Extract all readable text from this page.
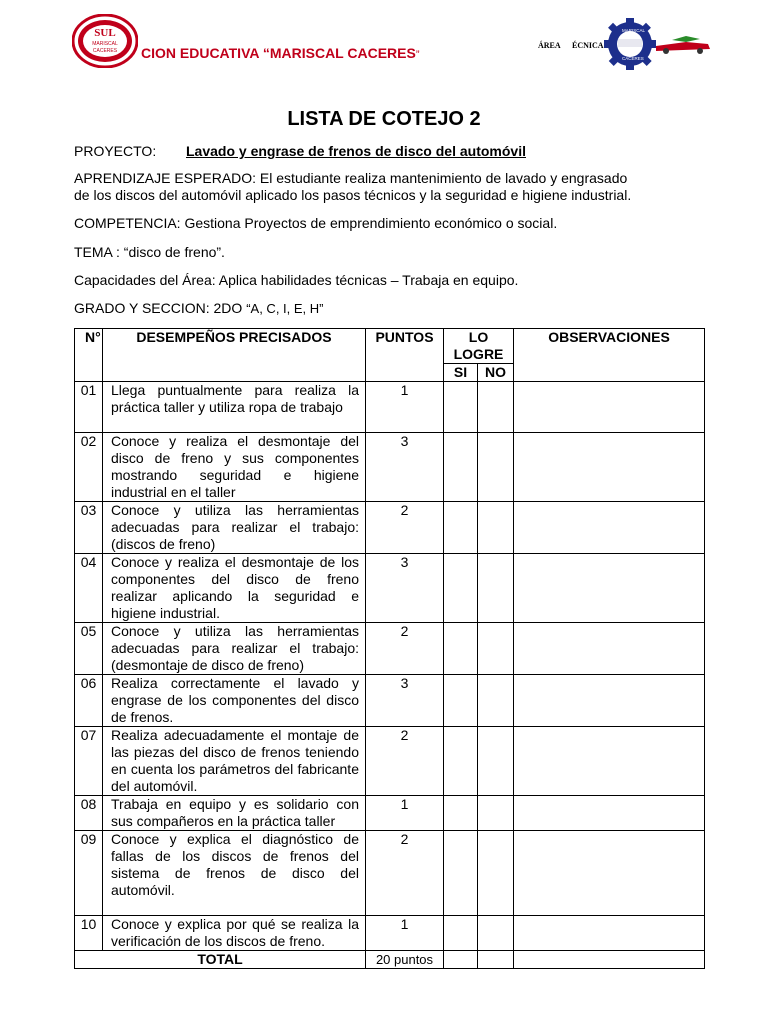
SUL
MARISCAL
CACERES CION EDUCATIVA “MARISCAL CACERES”
ÁREA ÉCNICA
MARISCAL
CACERES
LISTA DE COTEJO 2
PROYECTO: Lavado y engrase de frenos de disco del automóvil
APRENDIZAJE ESPERADO: El estudiante realiza mantenimiento de lavado y engrasado
de los discos del automóvil aplicado los pasos técnicos y la seguridad e higiene industrial.
COMPETENCIA: Gestiona Proyectos de emprendimiento económico o social.
TEMA : “disco de freno”.
Capacidades del Área: Aplica habilidades técnicas – Trabaja en equipo.
GRADO Y SECCION: 2DO “A, C, I, E, H”
N°	DESEMPEÑOS PRECISADOS	PUNTOS	LO LOGRE		OBSERVACIONES
			SI	NO	
01	Llega puntualmente para realiza la práctica taller y utiliza ropa de trabajo	1			
02	Conoce y realiza el desmontaje del disco de freno y sus componentes mostrando seguridad e higiene industrial en el taller	3			
03	Conoce y utiliza las herramientas adecuadas para realizar el trabajo: (discos de freno)	2			
04	Conoce y realiza el desmontaje de los componentes del disco de freno realizar aplicando la seguridad e higiene industrial.	3			
05	Conoce y utiliza las herramientas adecuadas para realizar el trabajo: (desmontaje de disco de freno)	2			
06	Realiza correctamente el lavado y engrase de los componentes del disco de frenos.	3			
07	Realiza adecuadamente el montaje de las piezas del disco de frenos teniendo en cuenta los parámetros del fabricante del automóvil.	2			
08	Trabaja en equipo y es solidario con sus compañeros en la práctica taller	1			
09	Conoce y explica el diagnóstico de fallas de los discos de frenos del sistema de frenos de disco del automóvil.	2			
10	Conoce y explica por qué se realiza la verificación de los discos de freno.	1			
TOTAL		20 puntos			
